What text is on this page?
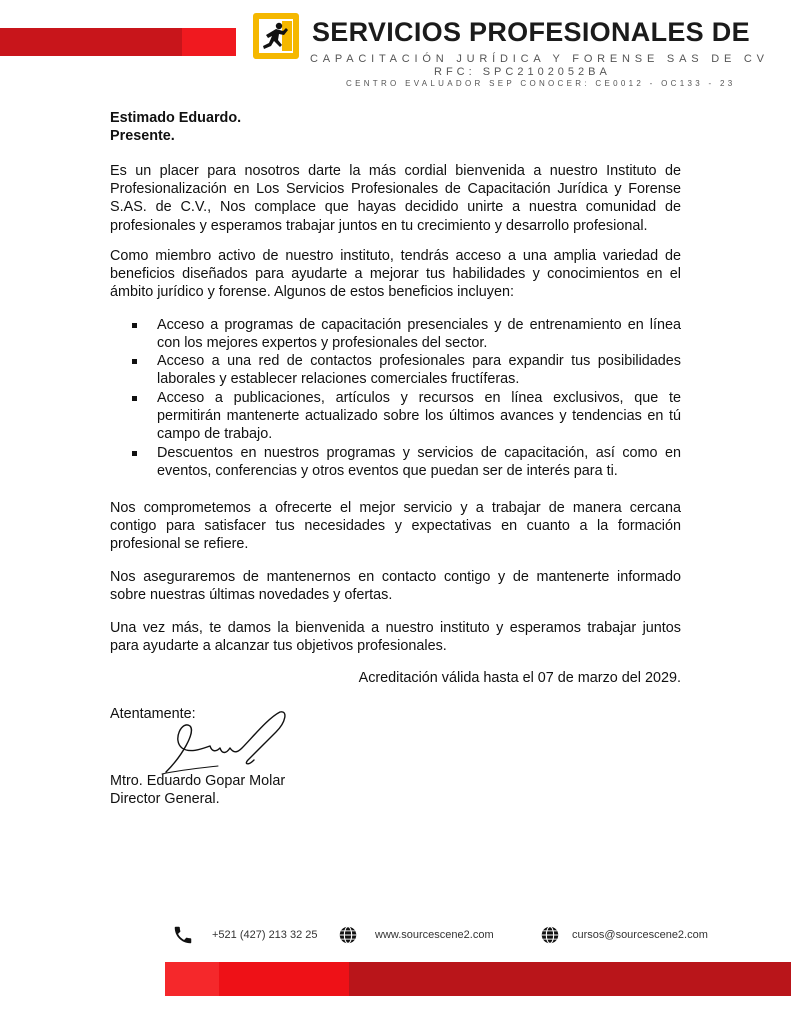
SERVICIOS PROFESIONALES DE
CAPACITACIÓN JURÍDICA Y FORENSE SAS DE CV
RFC: SPC2102052BA
CENTRO EVALUADOR SEP CONOCER: CE0012 - OC133 - 23
Estimado Eduardo.
Presente.
Es un placer para nosotros darte la más cordial bienvenida a nuestro Instituto de Profesionalización en Los Servicios Profesionales de Capacitación Jurídica y Forense S.AS. de C.V., Nos complace que hayas decidido unirte a nuestra comunidad de profesionales y esperamos trabajar juntos en tu crecimiento y desarrollo profesional.
Como miembro activo de nuestro instituto, tendrás acceso a una amplia variedad de beneficios diseñados para ayudarte a mejorar tus habilidades y conocimientos en el ámbito jurídico y forense. Algunos de estos beneficios incluyen:
Acceso a programas de capacitación presenciales y de entrenamiento en línea con los mejores expertos y profesionales del sector.
Acceso a una red de contactos profesionales para expandir tus posibilidades laborales y establecer relaciones comerciales fructíferas.
Acceso a publicaciones, artículos y recursos en línea exclusivos, que te permitirán mantenerte actualizado sobre los últimos avances y tendencias en tú campo de trabajo.
Descuentos en nuestros programas y servicios de capacitación, así como en eventos, conferencias y otros eventos que puedan ser de interés para ti.
Nos comprometemos a ofrecerte el mejor servicio y a trabajar de manera cercana contigo para satisfacer tus necesidades y expectativas en cuanto a la formación profesional se refiere.
Nos aseguraremos de mantenernos en contacto contigo y de mantenerte informado sobre nuestras últimas novedades y ofertas.
Una vez más, te damos la bienvenida a nuestro instituto y esperamos trabajar juntos para ayudarte a alcanzar tus objetivos profesionales.
Acreditación válida hasta el 07 de marzo del 2029.
Atentamente:
Mtro. Eduardo Gopar Molar
Director General.
+521 (427) 213 32 25	www.sourcescene2.com	cursos@sourcescene2.com
